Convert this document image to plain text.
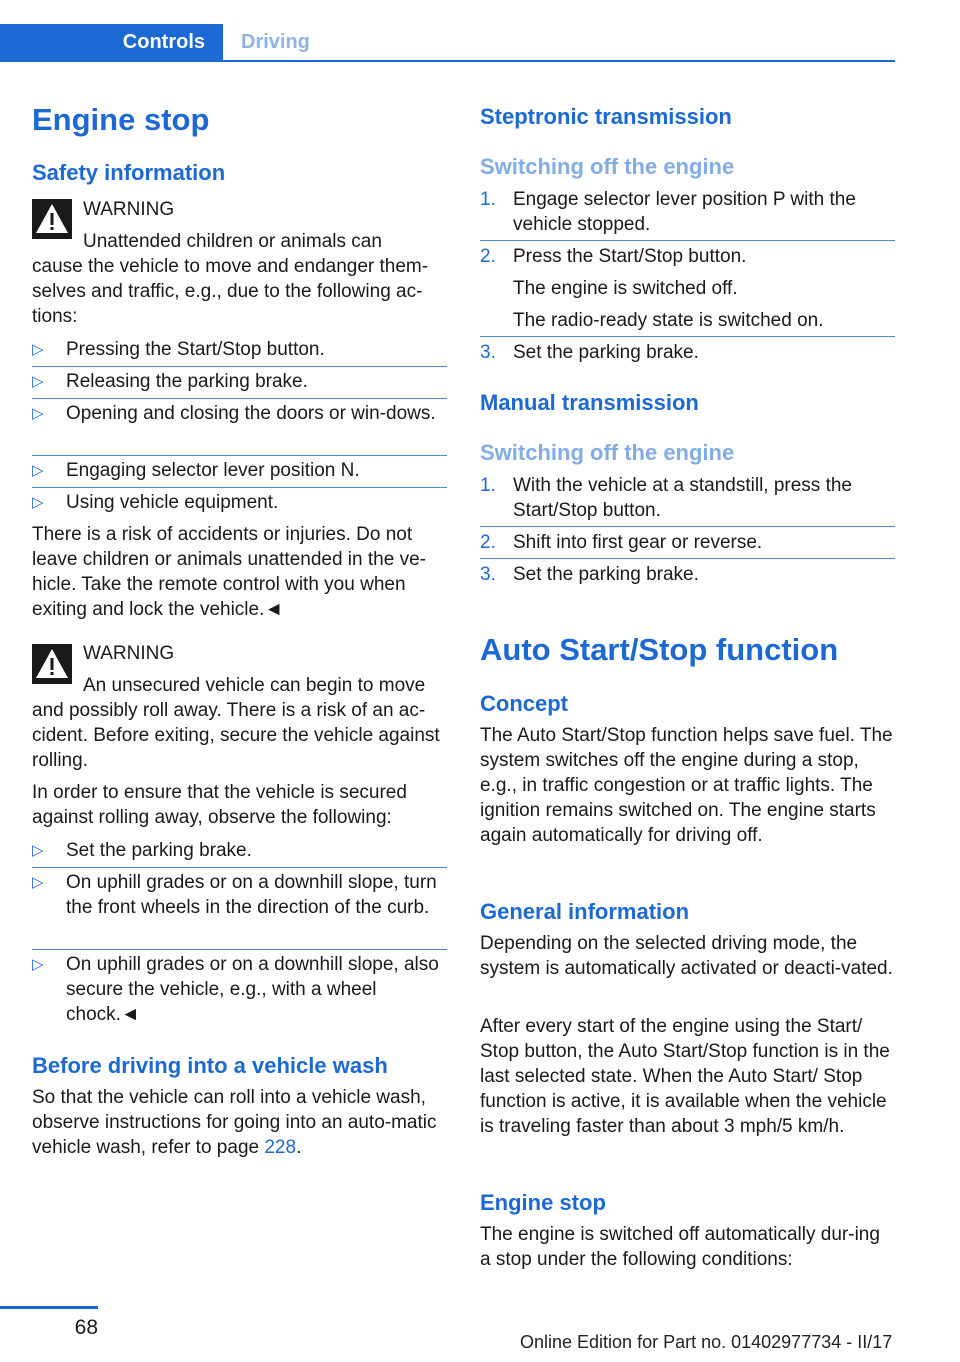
Controls	Driving
Engine stop
Safety information
WARNING
Unattended children or animals can
cause the vehicle to move and endanger them-selves and traffic, e.g., due to the following ac-tions:
▷ Pressing the Start/Stop button.
▷ Releasing the parking brake.
▷ Opening and closing the doors or win-dows.
▷ Engaging selector lever position N.
▷ Using vehicle equipment.
There is a risk of accidents or injuries. Do not leave children or animals unattended in the ve-hicle. Take the remote control with you when exiting and lock the vehicle.◄
WARNING
An unsecured vehicle can begin to move
and possibly roll away. There is a risk of an ac-cident. Before exiting, secure the vehicle against rolling.
In order to ensure that the vehicle is secured against rolling away, observe the following:
▷ Set the parking brake.
▷ On uphill grades or on a downhill slope, turn the front wheels in the direction of the curb.
▷ On uphill grades or on a downhill slope, also secure the vehicle, e.g., with a wheel chock.◄
Before driving into a vehicle wash
So that the vehicle can roll into a vehicle wash, observe instructions for going into an auto-matic vehicle wash, refer to page 228.
Steptronic transmission
Switching off the engine
1. Engage selector lever position P with the vehicle stopped.
2. Press the Start/Stop button.
The engine is switched off.
The radio-ready state is switched on.
3. Set the parking brake.
Manual transmission
Switching off the engine
1. With the vehicle at a standstill, press the Start/Stop button.
2. Shift into first gear or reverse.
3. Set the parking brake.
Auto Start/Stop function
Concept
The Auto Start/Stop function helps save fuel. The system switches off the engine during a stop, e.g., in traffic congestion or at traffic lights. The ignition remains switched on. The engine starts again automatically for driving off.
General information
Depending on the selected driving mode, the system is automatically activated or deacti-vated.
After every start of the engine using the Start/ Stop button, the Auto Start/Stop function is in the last selected state. When the Auto Start/ Stop function is active, it is available when the vehicle is traveling faster than about 3 mph/5 km/h.
Engine stop
The engine is switched off automatically dur-ing a stop under the following conditions:
68
Online Edition for Part no. 01402977734 - II/17
